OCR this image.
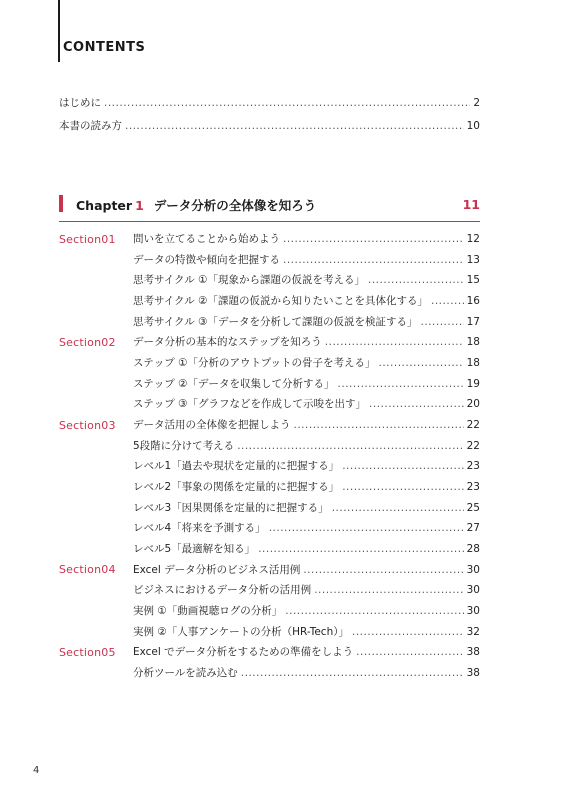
CONTENTS
はじめに .....	2
本書の読み方 .....	10
Chapter 1 データ分析の全体像を知ろう	11
Section01 問いを立てることから始めよう .....	12
データの特徴や傾向を把握する .....	13
思考サイクル ①「現象から課題の仮説を考える」 .....	15
思考サイクル ②「課題の仮説から知りたいことを具体化する」 .....	16
思考サイクル ③「データを分析して課題の仮説を検証する」 .....	17
Section02 データ分析の基本的なステップを知ろう .....	18
ステップ ①「分析のアウトプットの骨子を考える」 .....	18
ステップ ②「データを収集して分析する」 .....	19
ステップ ③「グラフなどを作成して示唆を出す」 .....	20
Section03 データ活用の全体像を把握しよう .....	22
5段階に分けて考える .....	22
レベル1「過去や現状を定量的に把握する」 .....	23
レベル2「事象の関係を定量的に把握する」 .....	23
レベル3「因果関係を定量的に把握する」 .....	25
レベル4「将来を予測する」 .....	27
レベル5「最適解を知る」 .....	28
Section04 Excel データ分析のビジネス活用例 .....	30
ビジネスにおけるデータ分析の活用例 .....	30
実例 ①「動画視聴ログの分析」 .....	30
実例 ②「人事アンケートの分析（HR-Tech）」 .....	32
Section05 Excel でデータ分析をするための準備をしよう .....	38
分析ツールを読み込む .....	38
4
